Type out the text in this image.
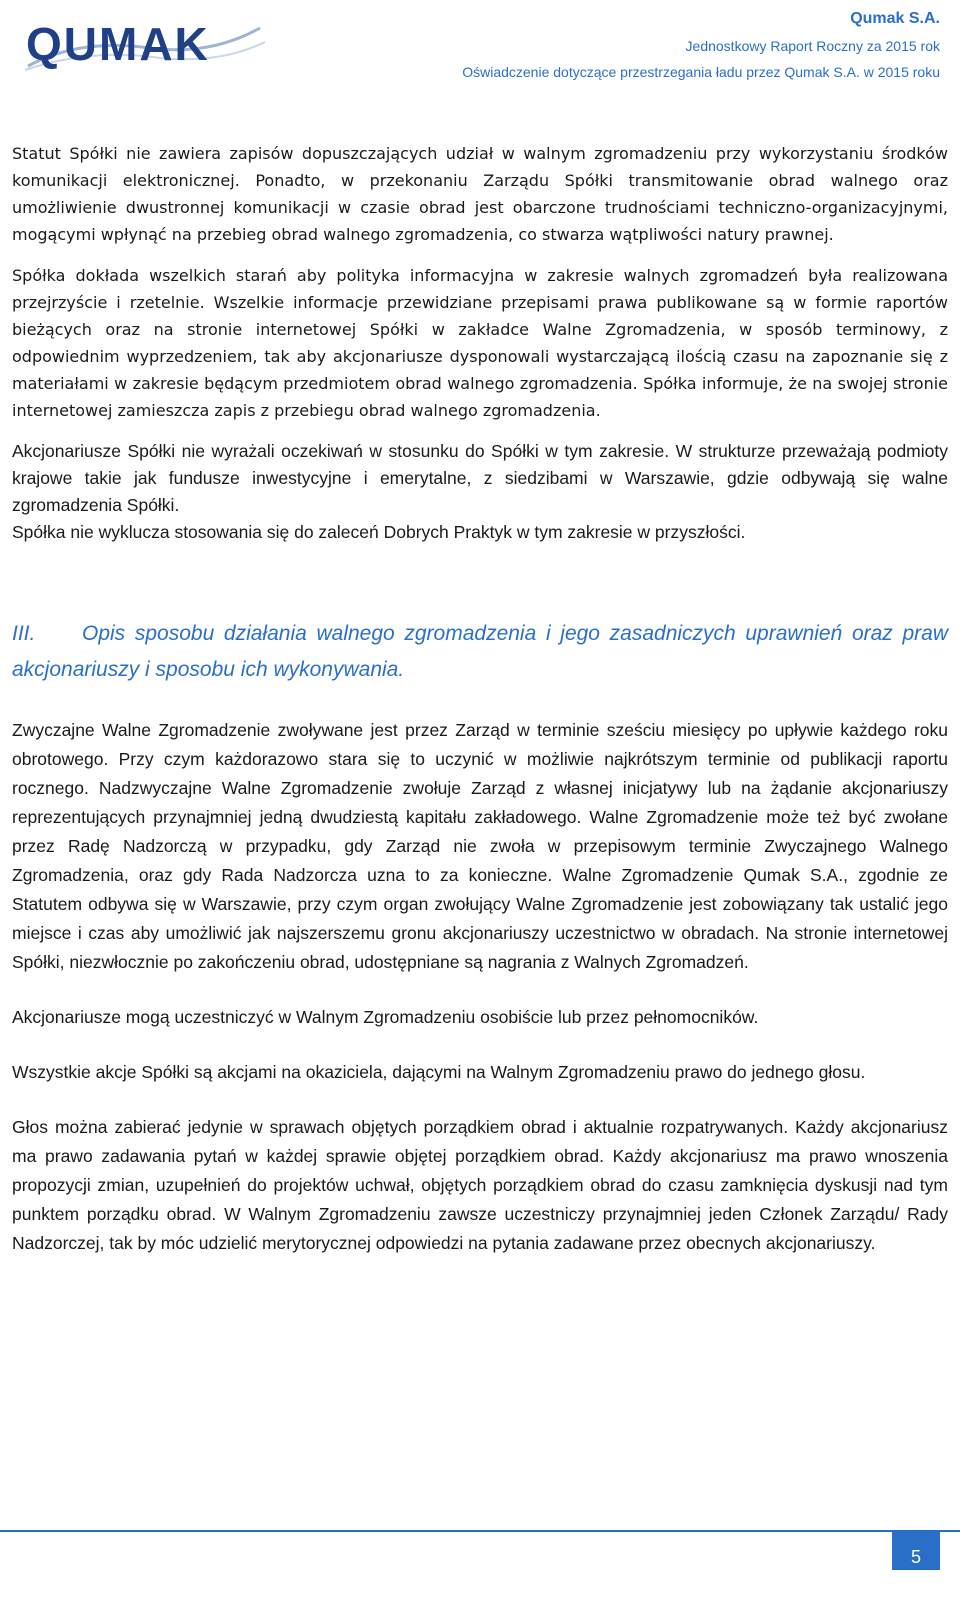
QUMAK	Qumak S.A.
Jednostkowy Raport Roczny za 2015 rok
Oświadczenie dotyczące przestrzegania ładu przez Qumak S.A. w 2015 roku

Statut Spółki nie zawiera zapisów dopuszczających udział w walnym zgromadzeniu przy wykorzystaniu środków komunikacji elektronicznej. Ponadto, w przekonaniu Zarządu Spółki transmitowanie obrad walnego oraz umożliwienie dwustronnej komunikacji w czasie obrad jest obarczone trudnościami techniczno-organizacyjnymi, mogącymi wpłynąć na przebieg obrad walnego zgromadzenia, co stwarza wątpliwości natury prawnej.

Spółka dokłada wszelkich starań aby polityka informacyjna w zakresie walnych zgromadzeń była realizowana przejrzyście i rzetelnie. Wszelkie informacje przewidziane przepisami prawa publikowane są w formie raportów bieżących oraz na stronie internetowej Spółki w zakładce Walne Zgromadzenia, w sposób terminowy, z odpowiednim wyprzedzeniem, tak aby akcjonariusze dysponowali wystarczającą ilością czasu na zapoznanie się z materiałami w zakresie będącym przedmiotem obrad walnego zgromadzenia. Spółka informuje, że na swojej stronie internetowej zamieszcza zapis z przebiegu obrad walnego zgromadzenia.

Akcjonariusze Spółki nie wyrażali oczekiwań w stosunku do Spółki w tym zakresie. W strukturze przeważają podmioty krajowe takie jak fundusze inwestycyjne i emerytalne, z siedzibami w Warszawie, gdzie odbywają się walne zgromadzenia Spółki.

Spółka nie wyklucza stosowania się do zaleceń Dobrych Praktyk w tym zakresie w przyszłości.

III. Opis sposobu działania walnego zgromadzenia i jego zasadniczych uprawnień oraz praw akcjonariuszy i sposobu ich wykonywania.

Zwyczajne Walne Zgromadzenie zwoływane jest przez Zarząd w terminie sześciu miesięcy po upływie każdego roku obrotowego. Przy czym każdorazowo stara się to uczynić w możliwie najkrótszym terminie od publikacji raportu rocznego. Nadzwyczajne Walne Zgromadzenie zwołuje Zarząd z własnej inicjatywy lub na żądanie akcjonariuszy reprezentujących przynajmniej jedną dwudziestą kapitału zakładowego. Walne Zgromadzenie może też być zwołane przez Radę Nadzorczą w przypadku, gdy Zarząd nie zwoła w przepisowym terminie Zwyczajnego Walnego Zgromadzenia, oraz gdy Rada Nadzorcza uzna to za konieczne. Walne Zgromadzenie Qumak S.A., zgodnie ze Statutem odbywa się w Warszawie, przy czym organ zwołujący Walne Zgromadzenie jest zobowiązany tak ustalić jego miejsce i czas aby umożliwić jak najszerszemu gronu akcjonariuszy uczestnictwo w obradach. Na stronie internetowej Spółki, niezwłocznie po zakończeniu obrad, udostępniane są nagrania z Walnych Zgromadzeń.

Akcjonariusze mogą uczestniczyć w Walnym Zgromadzeniu osobiście lub przez pełnomocników.

Wszystkie akcje Spółki są akcjami na okaziciela, dającymi na Walnym Zgromadzeniu prawo do jednego głosu.

Głos można zabierać jedynie w sprawach objętych porządkiem obrad i aktualnie rozpatrywanych. Każdy akcjonariusz ma prawo zadawania pytań w każdej sprawie objętej porządkiem obrad. Każdy akcjonariusz ma prawo wnoszenia propozycji zmian, uzupełnień do projektów uchwał, objętych porządkiem obrad do czasu zamknięcia dyskusji nad tym punktem porządku obrad. W Walnym Zgromadzeniu zawsze uczestniczy przynajmniej jeden Członek Zarządu/ Rady Nadzorczej, tak by móc udzielić merytorycznej odpowiedzi na pytania zadawane przez obecnych akcjonariuszy.

5
